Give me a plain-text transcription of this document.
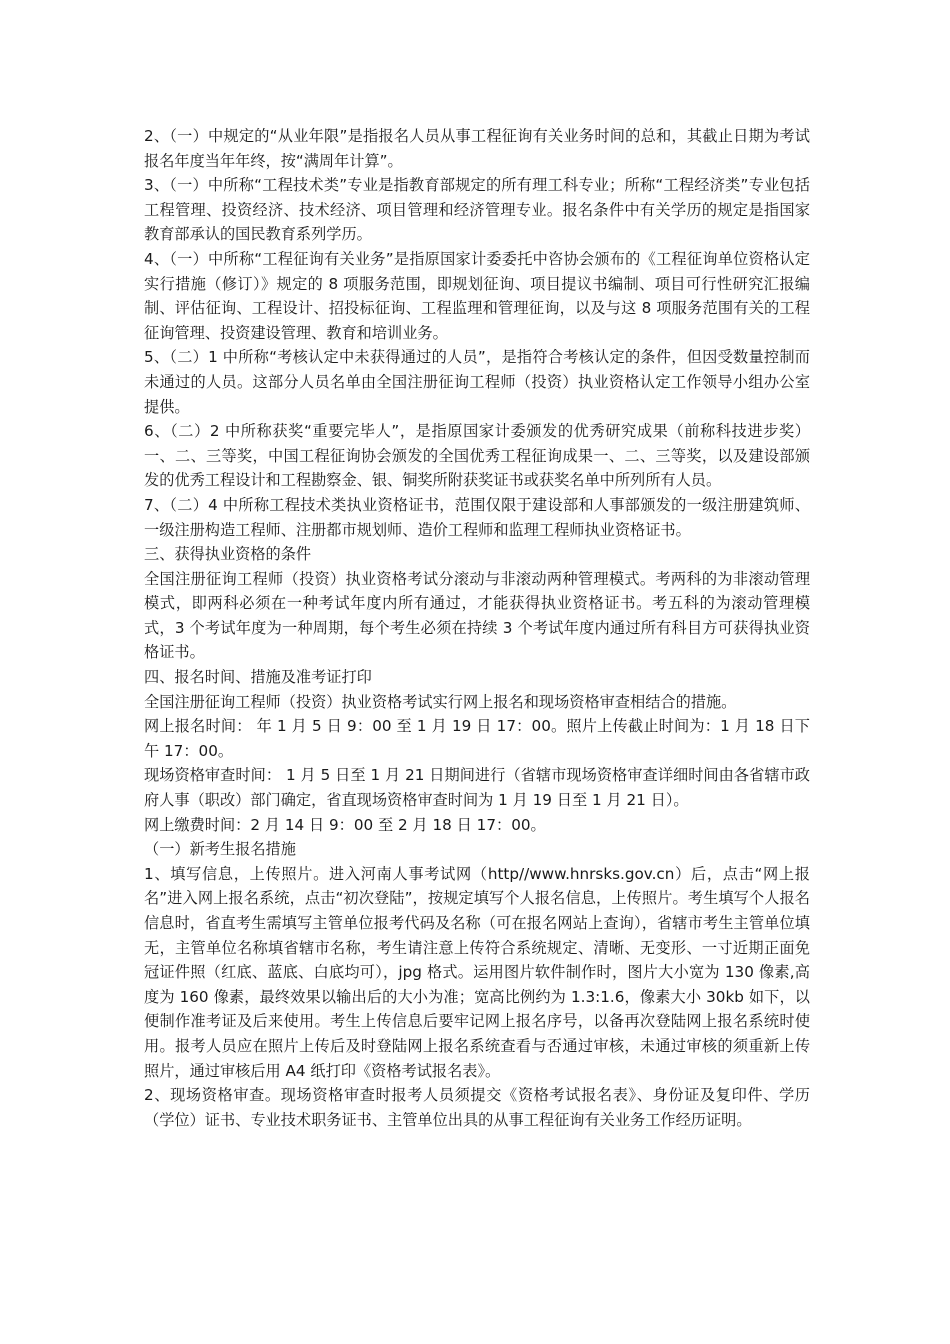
2、（一）中规定的“从业年限”是指报名人员从事工程征询有关业务时间的总和，其截止日期为考试报名年度当年年终，按“满周年计算”。

3、（一）中所称“工程技术类”专业是指教育部规定的所有理工科专业；所称“工程经济类”专业包括工程管理、投资经济、技术经济、项目管理和经济管理专业。报名条件中有关学历的规定是指国家教育部承认的国民教育系列学历。

4、（一）中所称“工程征询有关业务”是指原国家计委委托中咨协会颁布的《工程征询单位资格认定实行措施（修订）》规定的 8 项服务范围，即规划征询、项目提议书编制、项目可行性研究汇报编制、评估征询、工程设计、招投标征询、工程监理和管理征询，以及与这 8 项服务范围有关的工程征询管理、投资建设管理、教育和培训业务。

5、（二）1 中所称“考核认定中未获得通过的人员”，是指符合考核认定的条件，但因受数量控制而未通过的人员。这部分人员名单由全国注册征询工程师（投资）执业资格认定工作领导小组办公室提供。

6、（二）2 中所称获奖“重要完毕人”，是指原国家计委颁发的优秀研究成果（前称科技进步奖）一、二、三等奖，中国工程征询协会颁发的全国优秀工程征询成果一、二、三等奖，以及建设部颁发的优秀工程设计和工程勘察金、银、铜奖所附获奖证书或获奖名单中所列所有人员。

7、（二）4 中所称工程技术类执业资格证书，范围仅限于建设部和人事部颁发的一级注册建筑师、一级注册构造工程师、注册都市规划师、造价工程师和监理工程师执业资格证书。

三、获得执业资格的条件

全国注册征询工程师（投资）执业资格考试分滚动与非滚动两种管理模式。考两科的为非滚动管理模式，即两科必须在一种考试年度内所有通过，才能获得执业资格证书。考五科的为滚动管理模式，3 个考试年度为一种周期，每个考生必须在持续 3 个考试年度内通过所有科目方可获得执业资格证书。

四、报名时间、措施及准考证打印

全国注册征询工程师（投资）执业资格考试实行网上报名和现场资格审查相结合的措施。

网上报名时间： 年 1 月 5 日 9：00 至 1 月 19 日 17：00。照片上传截止时间为：1 月 18 日下午 17：00。

现场资格审查时间： 1 月 5 日至 1 月 21 日期间进行（省辖市现场资格审查详细时间由各省辖市政府人事（职改）部门确定，省直现场资格审查时间为 1 月 19 日至 1 月 21 日）。

网上缴费时间：2 月 14 日 9：00 至 2 月 18 日 17：00。

（一）新考生报名措施

1、填写信息，上传照片。进入河南人事考试网（http//www.hnrsks.gov.cn）后，点击“网上报名”进入网上报名系统，点击“初次登陆”，按规定填写个人报名信息，上传照片。考生填写个人报名信息时，省直考生需填写主管单位报考代码及名称（可在报名网站上查询），省辖市考生主管单位填无，主管单位名称填省辖市名称，考生请注意上传符合系统规定、清晰、无变形、一寸近期正面免冠证件照（红底、蓝底、白底均可），jpg 格式。运用图片软件制作时，图片大小宽为 130 像素,高度为 160 像素，最终效果以输出后的大小为准；宽高比例约为 1.3:1.6，像素大小 30kb 如下，以便制作准考证及后来使用。考生上传信息后要牢记网上报名序号，以备再次登陆网上报名系统时使用。报考人员应在照片上传后及时登陆网上报名系统查看与否通过审核，未通过审核的须重新上传照片，通过审核后用 A4 纸打印《资格考试报名表》。

2、现场资格审查。现场资格审查时报考人员须提交《资格考试报名表》、身份证及复印件、学历（学位）证书、专业技术职务证书、主管单位出具的从事工程征询有关业务工作经历证明。
